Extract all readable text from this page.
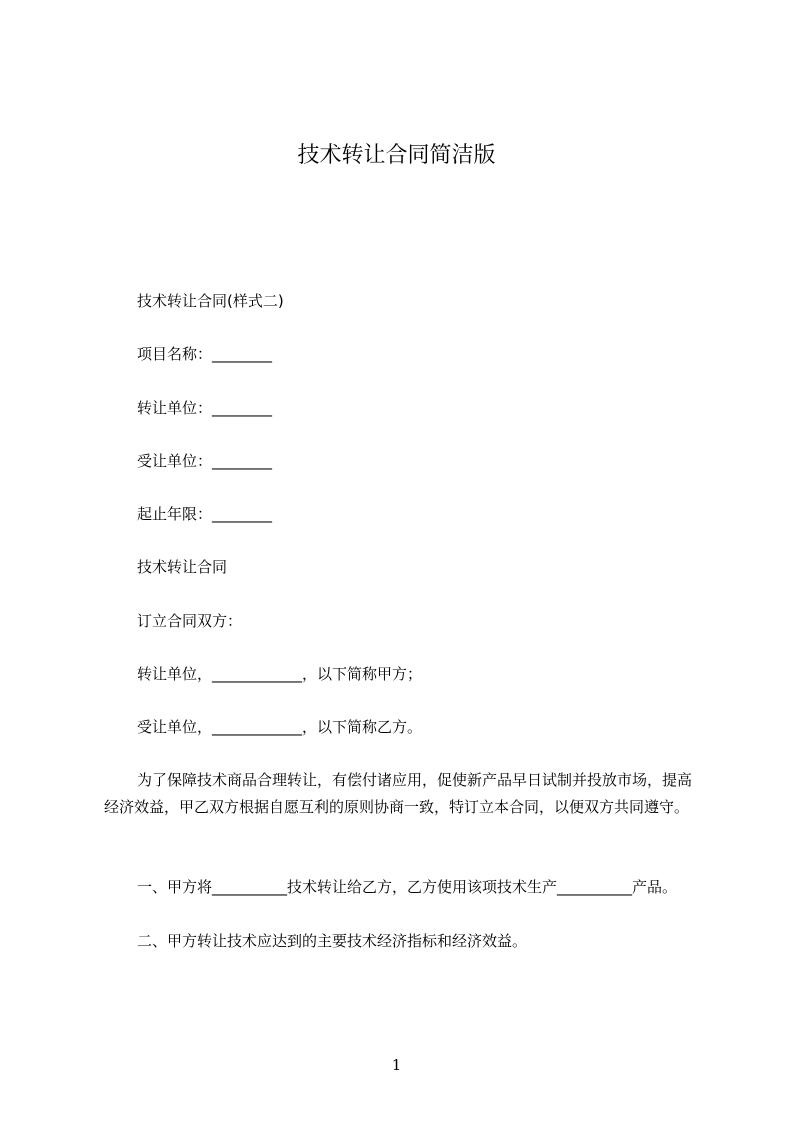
技术转让合同简洁版
技术转让合同(样式二)
项目名称：________
转让单位：________
受让单位：________
起止年限：________
技术转让合同
订立合同双方：
转让单位，____________，以下简称甲方；
受让单位，____________，以下简称乙方。
为了保障技术商品合理转让，有偿付诸应用，促使新产品早日试制并投放市场，提高经济效益，甲乙双方根据自愿互利的原则协商一致，特订立本合同，以便双方共同遵守。
一、甲方将__________技术转让给乙方，乙方使用该项技术生产__________产品。
二、甲方转让技术应达到的主要技术经济指标和经济效益。
1
